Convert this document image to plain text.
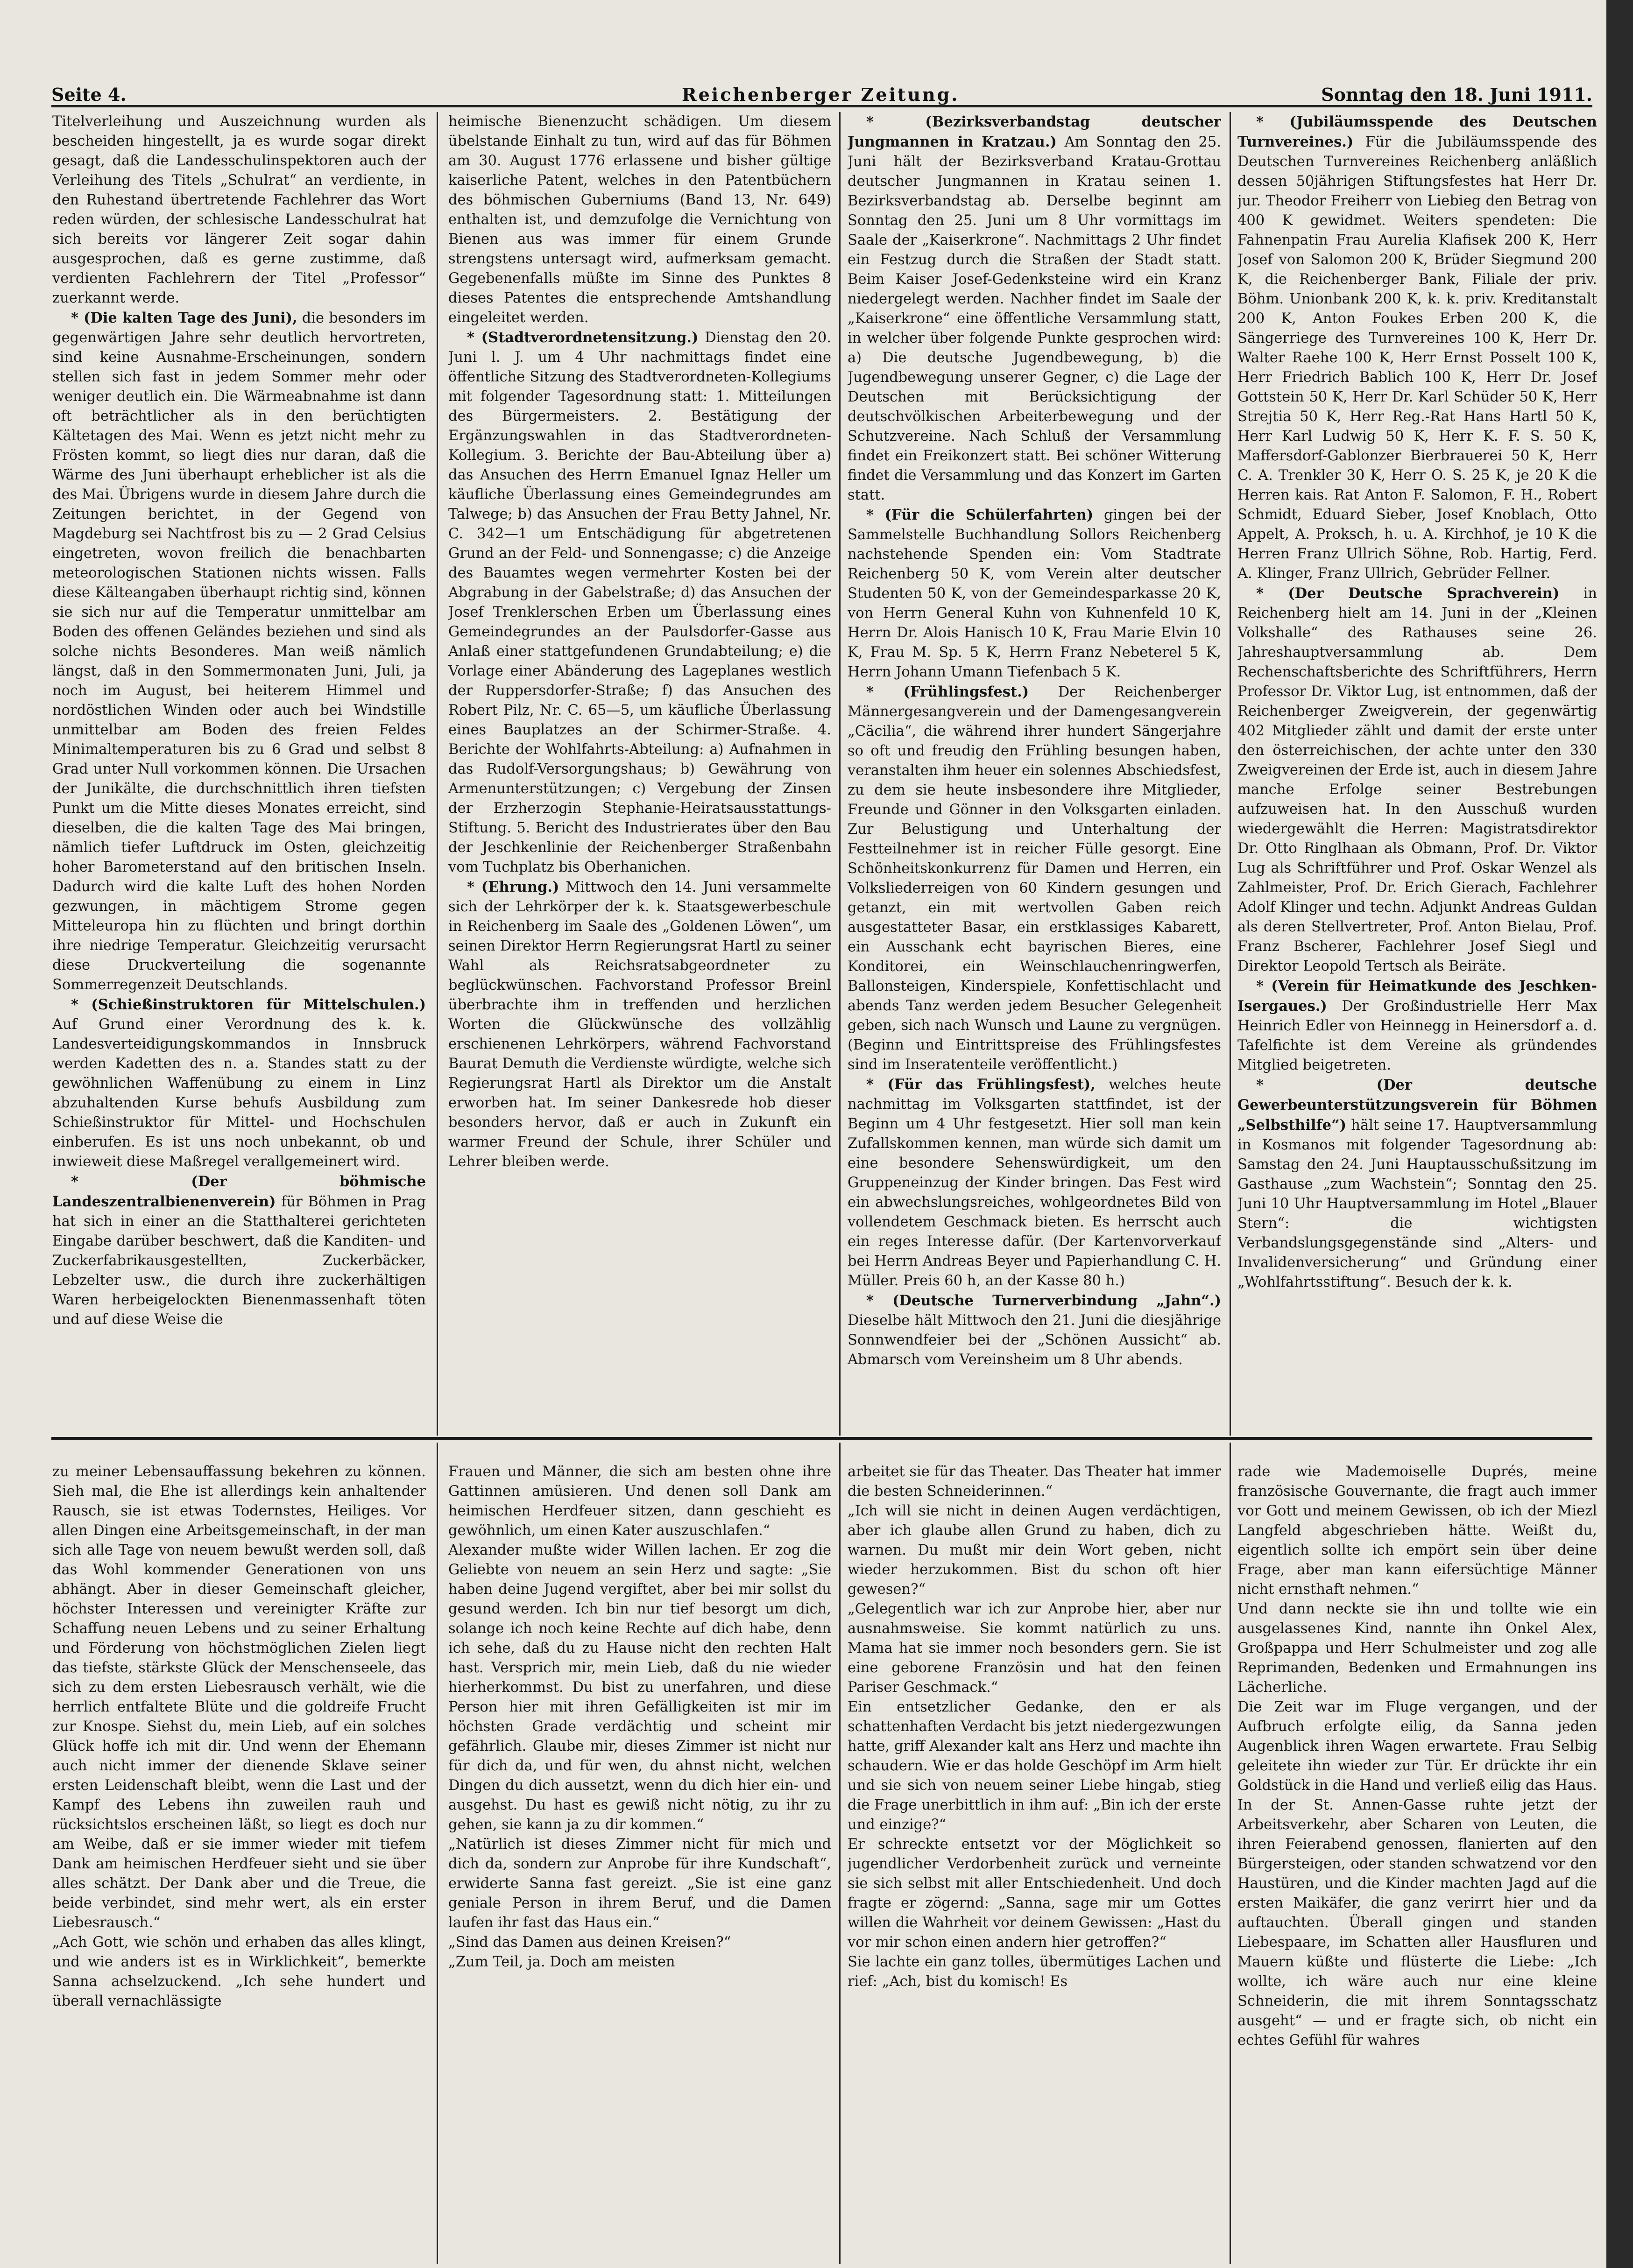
Seite 4.	Reichenberger Zeitung.	Sonntag den 18. Juni 1911.

Titelverleihung und Auszeichnung wurden als bescheiden hingestellt, ja es wurde sogar direkt gesagt, daß die Landesschulinspektoren auch der Verleihung des Titels „Schulrat“ an verdiente, in den Ruhestand übertretende Fachlehrer das Wort reden würden, der schlesische Landesschulrat hat sich bereits vor längerer Zeit sogar dahin ausgesprochen, daß es gerne zustimme, daß verdienten Fachlehrern der Titel „Professor“ zuerkannt werde.

* (Die kalten Tage des Juni), die besonders im gegenwärtigen Jahre sehr deutlich hervortreten, sind keine Ausnahme-Erscheinungen, sondern stellen sich fast in jedem Sommer mehr oder weniger deutlich ein. Die Wärmeabnahme ist dann oft beträchtlicher als in den berüchtigten Kältetagen des Mai. Wenn es jetzt nicht mehr zu Frösten kommt, so liegt dies nur daran, daß die Wärme des Juni überhaupt erheblicher ist als die des Mai. Übrigens wurde in diesem Jahre durch die Zeitungen berichtet, in der Gegend von Magdeburg sei Nachtfrost bis zu — 2 Grad Celsius eingetreten, wovon freilich die benachbarten meteorologischen Stationen nichts wissen. Falls diese Kälteangaben überhaupt richtig sind, können sie sich nur auf die Temperatur unmittelbar am Boden des offenen Geländes beziehen und sind als solche nichts Besonderes. Man weiß nämlich längst, daß in den Sommermonaten Juni, Juli, ja noch im August, bei heiterem Himmel und nordöstlichen Winden oder auch bei Windstille unmittelbar am Boden des freien Feldes Minimaltemperaturen bis zu 6 Grad und selbst 8 Grad unter Null vorkommen können. Die Ursachen der Junikälte, die durchschnittlich ihren tiefsten Punkt um die Mitte dieses Monates erreicht, sind dieselben, die die kalten Tage des Mai bringen, nämlich tiefer Luftdruck im Osten, gleichzeitig hoher Barometerstand auf den britischen Inseln. Dadurch wird die kalte Luft des hohen Norden gezwungen, in mächtigem Strome gegen Mitteleuropa hin zu flüchten und bringt dorthin ihre niedrige Temperatur. Gleichzeitig verursacht diese Druckverteilung die sogenannte Sommerregenzeit Deutschlands.

* (Schießinstruktoren für Mittelschulen.) Auf Grund einer Verordnung des k. k. Landesverteidigungskommandos in Innsbruck werden Kadetten des n. a. Standes statt zu der gewöhnlichen Waffenübung zu einem in Linz abzuhaltenden Kurse behufs Ausbildung zum Schießinstruktor für Mittel- und Hochschulen einberufen. Es ist uns noch unbekannt, ob und inwieweit diese Maßregel verallgemeinert wird.

* (Der böhmische Landeszentralbienenverein) für Böhmen in Prag hat sich in einer an die Statthalterei gerichteten Eingabe darüber beschwert, daß die Kanditen- und Zuckerfabrikausgestellten, Zuckerbäcker, Lebzelter usw., die durch ihre zuckerhältigen Waren herbeigelockten Bienenmassenhaft töten und auf diese Weise die

heimische Bienenzucht schädigen. Um diesem übelstande Einhalt zu tun, wird auf das für Böhmen am 30. August 1776 erlassene und bisher gültige kaiserliche Patent, welches in den Patentbüchern des böhmischen Guberniums (Band 13, Nr. 649) enthalten ist, und demzufolge die Vernichtung von Bienen aus was immer für einem Grunde strengstens untersagt wird, aufmerksam gemacht. Gegebenenfalls müßte im Sinne des Punktes 8 dieses Patentes die entsprechende Amtshandlung eingeleitet werden.

* (Stadtverordnetensitzung.) Dienstag den 20. Juni l. J. um 4 Uhr nachmittags findet eine öffentliche Sitzung des Stadtverordneten-Kollegiums mit folgender Tagesordnung statt: 1. Mitteilungen des Bürgermeisters. 2. Bestätigung der Ergänzungswahlen in das Stadtverordneten-Kollegium. 3. Berichte der Bau-Abteilung über a) das Ansuchen des Herrn Emanuel Ignaz Heller um käufliche Überlassung eines Gemeindegrundes am Talwege; b) das Ansuchen der Frau Betty Jahnel, Nr. C. 342—1 um Entschädigung für abgetretenen Grund an der Feld- und Sonnengasse; c) die Anzeige des Bauamtes wegen vermehrter Kosten bei der Abgrabung in der Gabelstraße; d) das Ansuchen der Josef Trenklerschen Erben um Überlassung eines Gemeindegrundes an der Paulsdorfer-Gasse aus Anlaß einer stattgefundenen Grundabteilung; e) die Vorlage einer Abänderung des Lageplanes westlich der Ruppersdorfer-Straße; f) das Ansuchen des Robert Pilz, Nr. C. 65—5, um käufliche Überlassung eines Bauplatzes an der Schirmer-Straße. 4. Berichte der Wohlfahrts-Abteilung: a) Aufnahmen in das Rudolf-Versorgungshaus; b) Gewährung von Armenunterstützungen; c) Vergebung der Zinsen der Erzherzogin Stephanie-Heiratsausstattungs-Stiftung. 5. Bericht des Industrierates über den Bau der Jeschkenlinie der Reichenberger Straßenbahn vom Tuchplatz bis Oberhanichen.

* (Ehrung.) Mittwoch den 14. Juni versammelte sich der Lehrkörper der k. k. Staatsgewerbeschule in Reichenberg im Saale des „Goldenen Löwen“, um seinen Direktor Herrn Regierungsrat Hartl zu seiner Wahl als Reichsratsabgeordneter zu beglückwünschen. Fachvorstand Professor Breinl überbrachte ihm in treffenden und herzlichen Worten die Glückwünsche des vollzählig erschienenen Lehrkörpers, während Fachvorstand Baurat Demuth die Verdienste würdigte, welche sich Regierungsrat Hartl als Direktor um die Anstalt erworben hat. Im seiner Dankesrede hob dieser besonders hervor, daß er auch in Zukunft ein warmer Freund der Schule, ihrer Schüler und Lehrer bleiben werde.

* (Bezirksverbandstag deutscher Jungmannen in Kratzau.) Am Sonntag den 25. Juni hält der Bezirksverband Kratau-Grottau deutscher Jungmannen in Kratau seinen 1. Bezirksverbandstag ab. Derselbe beginnt am Sonntag den 25. Juni um 8 Uhr vormittags im Saale der „Kaiserkrone“. Nachmittags 2 Uhr findet ein Festzug durch die Straßen der Stadt statt. Beim Kaiser Josef-Gedenksteine wird ein Kranz niedergelegt werden. Nachher findet im Saale der „Kaiserkrone“ eine öffentliche Versammlung statt, in welcher über folgende Punkte gesprochen wird: a) Die deutsche Jugendbewegung, b) die Jugendbewegung unserer Gegner, c) die Lage der Deutschen mit Berücksichtigung der deutschvölkischen Arbeiterbewegung und der Schutzvereine. Nach Schluß der Versammlung findet ein Freikonzert statt. Bei schöner Witterung findet die Versammlung und das Konzert im Garten statt.

* (Für die Schülerfahrten) gingen bei der Sammelstelle Buchhandlung Sollors Reichenberg nachstehende Spenden ein: Vom Stadtrate Reichenberg 50 K, vom Verein alter deutscher Studenten 50 K, von der Gemeindesparkasse 20 K, von Herrn General Kuhn von Kuhnenfeld 10 K, Herrn Dr. Alois Hanisch 10 K, Frau Marie Elvin 10 K, Frau M. Sp. 5 K, Herrn Franz Nebeterel 5 K, Herrn Johann Umann Tiefenbach 5 K.

* (Frühlingsfest.) Der Reichenberger Männergesangverein und der Damengesangverein „Cäcilia“, die während ihrer hundert Sängerjahre so oft und freudig den Frühling besungen haben, veranstalten ihm heuer ein solennes Abschiedsfest, zu dem sie heute insbesondere ihre Mitglieder, Freunde und Gönner in den Volksgarten einladen. Zur Belustigung und Unterhaltung der Festteilnehmer ist in reicher Fülle gesorgt. Eine Schönheitskonkurrenz für Damen und Herren, ein Volksliederreigen von 60 Kindern gesungen und getanzt, ein mit wertvollen Gaben reich ausgestatteter Basar, ein erstklassiges Kabarett, ein Ausschank echt bayrischen Bieres, eine Konditorei, ein Weinschlauchenringwerfen, Ballonsteigen, Kinderspiele, Konfettischlacht und abends Tanz werden jedem Besucher Gelegenheit geben, sich nach Wunsch und Laune zu vergnügen. (Beginn und Eintrittspreise des Frühlingsfestes sind im Inseratenteile veröffentlicht.)

* (Für das Frühlingsfest), welches heute nachmittag im Volksgarten stattfindet, ist der Beginn um 4 Uhr festgesetzt. Hier soll man kein Zufallskommen kennen, man würde sich damit um eine besondere Sehenswürdigkeit, um den Gruppeneinzug der Kinder bringen. Das Fest wird ein abwechslungsreiches, wohlgeordnetes Bild von vollendetem Geschmack bieten. Es herrscht auch ein reges Interesse dafür. (Der Kartenvorverkauf bei Herrn Andreas Beyer und Papierhandlung C. H. Müller. Preis 60 h, an der Kasse 80 h.)

* (Deutsche Turnerverbindung „Jahn“.) Dieselbe hält Mittwoch den 21. Juni die diesjährige Sonnwendfeier bei der „Schönen Aussicht“ ab. Abmarsch vom Vereinsheim um 8 Uhr abends.

* (Jubiläumsspende des Deutschen Turnvereines.) Für die Jubiläumsspende des Deutschen Turnvereines Reichenberg anläßlich dessen 50jährigen Stiftungsfestes hat Herr Dr. jur. Theodor Freiherr von Liebieg den Betrag von 400 K gewidmet. Weiters spendeten: Die Fahnenpatin Frau Aurelia Klafisek 200 K, Herr Josef von Salomon 200 K, Brüder Siegmund 200 K, die Reichenberger Bank, Filiale der priv. Böhm. Unionbank 200 K, k. k. priv. Kreditanstalt 200 K, Anton Foukes Erben 200 K, die Sängerriege des Turnvereines 100 K, Herr Dr. Walter Raehe 100 K, Herr Ernst Posselt 100 K, Herr Friedrich Bablich 100 K, Herr Dr. Josef Gottstein 50 K, Herr Dr. Karl Schüder 50 K, Herr Strejtia 50 K, Herr Reg.-Rat Hans Hartl 50 K, Herr Karl Ludwig 50 K, Herr K. F. S. 50 K, Maffersdorf-Gablonzer Bierbrauerei 50 K, Herr C. A. Trenkler 30 K, Herr O. S. 25 K, je 20 K die Herren kais. Rat Anton F. Salomon, F. H., Robert Schmidt, Eduard Sieber, Josef Knoblach, Otto Appelt, A. Proksch, h. u. A. Kirchhof, je 10 K die Herren Franz Ullrich Söhne, Rob. Hartig, Ferd. A. Klinger, Franz Ullrich, Gebrüder Fellner.

* (Der Deutsche Sprachverein) in Reichenberg hielt am 14. Juni in der „Kleinen Volkshalle“ des Rathauses seine 26. Jahreshauptversammlung ab. Dem Rechenschaftsberichte des Schriftführers, Herrn Professor Dr. Viktor Lug, ist entnommen, daß der Reichenberger Zweigverein, der gegenwärtig 402 Mitglieder zählt und damit der erste unter den österreichischen, der achte unter den 330 Zweigvereinen der Erde ist, auch in diesem Jahre manche Erfolge seiner Bestrebungen aufzuweisen hat. In den Ausschuß wurden wiedergewählt die Herren: Magistratsdirektor Dr. Otto Ringlhaan als Obmann, Prof. Dr. Viktor Lug als Schriftführer und Prof. Oskar Wenzel als Zahlmeister, Prof. Dr. Erich Gierach, Fachlehrer Adolf Klinger und techn. Adjunkt Andreas Guldan als deren Stellvertreter, Prof. Anton Bielau, Prof. Franz Bscherer, Fachlehrer Josef Siegl und Direktor Leopold Tertsch als Beiräte.

* (Verein für Heimatkunde des Jeschken-Isergaues.) Der Großindustrielle Herr Max Heinrich Edler von Heinnegg in Heinersdorf a. d. Tafelfichte ist dem Vereine als gründendes Mitglied beigetreten.

* (Der deutsche Gewerbeunterstützungsverein für Böhmen „Selbsthilfe“) hält seine 17. Hauptversammlung in Kosmanos mit folgender Tagesordnung ab: Samstag den 24. Juni Hauptausschußsitzung im Gasthause „zum Wachstein“; Sonntag den 25. Juni 10 Uhr Hauptversammlung im Hotel „Blauer Stern“: die wichtigsten Verbandslungsgegenstände sind „Alters- und Invalidenversicherung“ und Gründung einer „Wohlfahrtsstiftung“. Besuch der k. k.

zu meiner Lebensauffassung bekehren zu können. Sieh mal, die Ehe ist allerdings kein anhaltender Rausch, sie ist etwas Todernstes, Heiliges. Vor allen Dingen eine Arbeitsgemeinschaft, in der man sich alle Tage von neuem bewußt werden soll, daß das Wohl kommender Generationen von uns abhängt. Aber in dieser Gemeinschaft gleicher, höchster Interessen und vereinigter Kräfte zur Schaffung neuen Lebens und zu seiner Erhaltung und Förderung von höchstmöglichen Zielen liegt das tiefste, stärkste Glück der Menschenseele, das sich zu dem ersten Liebesrausch verhält, wie die herrlich entfaltete Blüte und die goldreife Frucht zur Knospe. Siehst du, mein Lieb, auf ein solches Glück hoffe ich mit dir. Und wenn der Ehemann auch nicht immer der dienende Sklave seiner ersten Leidenschaft bleibt, wenn die Last und der Kampf des Lebens ihn zuweilen rauh und rücksichtslos erscheinen läßt, so liegt es doch nur am Weibe, daß er sie immer wieder mit tiefem Dank am heimischen Herdfeuer sieht und sie über alles schätzt. Der Dank aber und die Treue, die beide verbindet, sind mehr wert, als ein erster Liebesrausch.“
„Ach Gott, wie schön und erhaben das alles klingt, und wie anders ist es in Wirklichkeit“, bemerkte Sanna achselzuckend. „Ich sehe hundert und überall vernachlässigte

Frauen und Männer, die sich am besten ohne ihre Gattinnen amüsieren. Und denen soll Dank am heimischen Herdfeuer sitzen, dann geschieht es gewöhnlich, um einen Kater auszuschlafen.“
Alexander mußte wider Willen lachen. Er zog die Geliebte von neuem an sein Herz und sagte: „Sie haben deine Jugend vergiftet, aber bei mir sollst du gesund werden. Ich bin nur tief besorgt um dich, solange ich noch keine Rechte auf dich habe, denn ich sehe, daß du zu Hause nicht den rechten Halt hast. Versprich mir, mein Lieb, daß du nie wieder hierherkommst. Du bist zu unerfahren, und diese Person hier mit ihren Gefälligkeiten ist mir im höchsten Grade verdächtig und scheint mir gefährlich. Glaube mir, dieses Zimmer ist nicht nur für dich da, und für wen, du ahnst nicht, welchen Dingen du dich aussetzt, wenn du dich hier ein- und ausgehst. Du hast es gewiß nicht nötig, zu ihr zu gehen, sie kann ja zu dir kommen.“
„Natürlich ist dieses Zimmer nicht für mich und dich da, sondern zur Anprobe für ihre Kundschaft“, erwiderte Sanna fast gereizt. „Sie ist eine ganz geniale Person in ihrem Beruf, und die Damen laufen ihr fast das Haus ein.“
„Sind das Damen aus deinen Kreisen?“
„Zum Teil, ja. Doch am meisten

arbeitet sie für das Theater. Das Theater hat immer die besten Schneiderinnen.“
„Ich will sie nicht in deinen Augen verdächtigen, aber ich glaube allen Grund zu haben, dich zu warnen. Du mußt mir dein Wort geben, nicht wieder herzukommen. Bist du schon oft hier gewesen?“
„Gelegentlich war ich zur Anprobe hier, aber nur ausnahmsweise. Sie kommt natürlich zu uns. Mama hat sie immer noch besonders gern. Sie ist eine geborene Französin und hat den feinen Pariser Geschmack.“
Ein entsetzlicher Gedanke, den er als schattenhaften Verdacht bis jetzt niedergezwungen hatte, griff Alexander kalt ans Herz und machte ihn schaudern. Wie er das holde Geschöpf im Arm hielt und sie sich von neuem seiner Liebe hingab, stieg die Frage unerbittlich in ihm auf: „Bin ich der erste und einzige?“
Er schreckte entsetzt vor der Möglichkeit so jugendlicher Verdorbenheit zurück und verneinte sie sich selbst mit aller Entschiedenheit. Und doch fragte er zögernd: „Sanna, sage mir um Gottes willen die Wahrheit vor deinem Gewissen: „Hast du vor mir schon einen andern hier getroffen?“
Sie lachte ein ganz tolles, übermütiges Lachen und rief: „Ach, bist du komisch! Es

rade wie Mademoiselle Duprés, meine französische Gouvernante, die fragt auch immer vor Gott und meinem Gewissen, ob ich der Miezl Langfeld abgeschrieben hätte. Weißt du, eigentlich sollte ich empört sein über deine Frage, aber man kann eifersüchtige Männer nicht ernsthaft nehmen.“
Und dann neckte sie ihn und tollte wie ein ausgelassenes Kind, nannte ihn Onkel Alex, Großpappa und Herr Schulmeister und zog alle Reprimanden, Bedenken und Ermahnungen ins Lächerliche.
Die Zeit war im Fluge vergangen, und der Aufbruch erfolgte eilig, da Sanna jeden Augenblick ihren Wagen erwartete. Frau Selbig geleitete ihn wieder zur Tür. Er drückte ihr ein Goldstück in die Hand und verließ eilig das Haus. In der St. Annen-Gasse ruhte jetzt der Arbeitsverkehr, aber Scharen von Leuten, die ihren Feierabend genossen, flanierten auf den Bürgersteigen, oder standen schwatzend vor den Haustüren, und die Kinder machten Jagd auf die ersten Maikäfer, die ganz verirrt hier und da auftauchten. Überall gingen und standen Liebespaare, im Schatten aller Hausfluren und Mauern küßte und flüsterte die Liebe: „Ich wollte, ich wäre auch nur eine kleine Schneiderin, die mit ihrem Sonntagsschatz ausgeht“ — und er fragte sich, ob nicht ein echtes Gefühl für wahres
